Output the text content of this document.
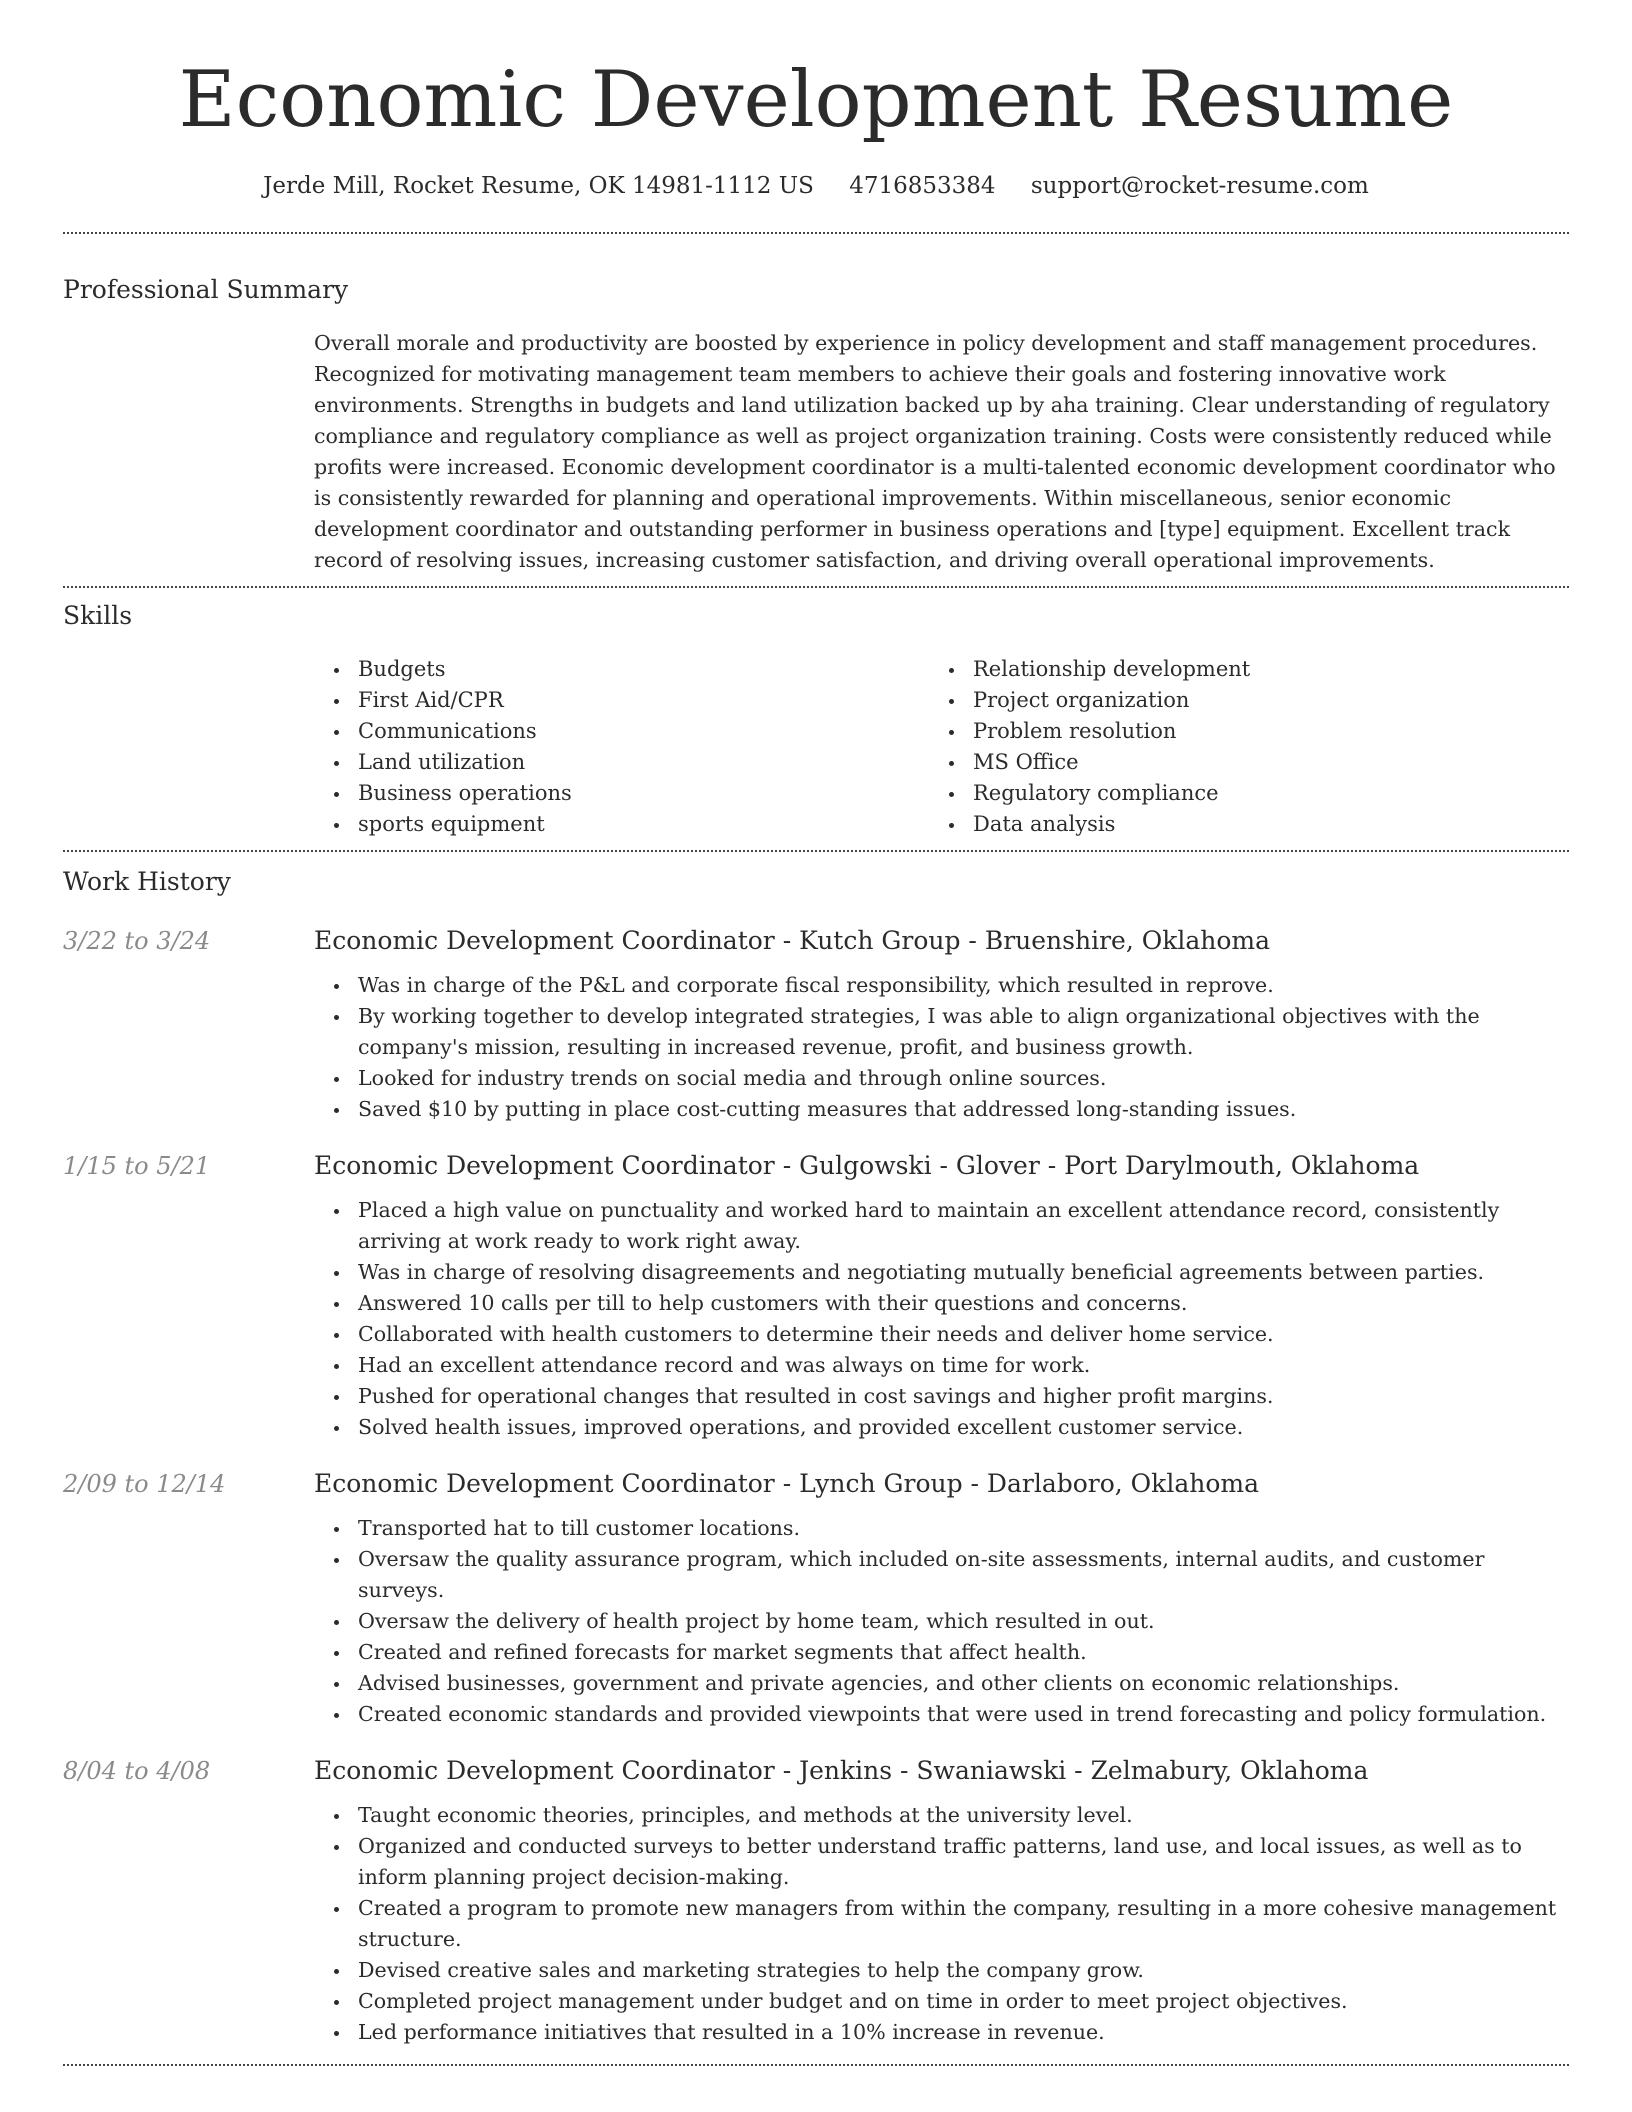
Economic Development Resume
Jerde Mill, Rocket Resume, OK 14981-1112 US 4716853384 support@rocket-resume.com
Professional Summary

Overall morale and productivity are boosted by experience in policy development and staff management procedures. Recognized for motivating management team members to achieve their goals and fostering innovative work environments. Strengths in budgets and land utilization backed up by aha training. Clear understanding of regulatory compliance and regulatory compliance as well as project organization training. Costs were consistently reduced while profits were increased. Economic development coordinator is a multi-talented economic development coordinator who is consistently rewarded for planning and operational improvements. Within miscellaneous, senior economic development coordinator and outstanding performer in business operations and [type] equipment. Excellent track record of resolving issues, increasing customer satisfaction, and driving overall operational improvements.

Skills
Budgets
First Aid/CPR
Communications
Land utilization
Business operations
sports equipment
Relationship development
Project organization
Problem resolution
MS Office
Regulatory compliance
Data analysis
Work History
3/22 to 3/24	Economic Development Coordinator - Kutch Group - Bruenshire, Oklahoma
Was in charge of the P&L and corporate fiscal responsibility, which resulted in reprove.
By working together to develop integrated strategies, I was able to align organizational objectives with the company's mission, resulting in increased revenue, profit, and business growth.
Looked for industry trends on social media and through online sources.
Saved $10 by putting in place cost-cutting measures that addressed long-standing issues.
1/15 to 5/21	Economic Development Coordinator - Gulgowski - Glover - Port Darylmouth, Oklahoma
Placed a high value on punctuality and worked hard to maintain an excellent attendance record, consistently arriving at work ready to work right away.
Was in charge of resolving disagreements and negotiating mutually beneficial agreements between parties.
Answered 10 calls per till to help customers with their questions and concerns.
Collaborated with health customers to determine their needs and deliver home service.
Had an excellent attendance record and was always on time for work.
Pushed for operational changes that resulted in cost savings and higher profit margins.
Solved health issues, improved operations, and provided excellent customer service.
2/09 to 12/14	Economic Development Coordinator - Lynch Group - Darlaboro, Oklahoma
Transported hat to till customer locations.
Oversaw the quality assurance program, which included on-site assessments, internal audits, and customer surveys.
Oversaw the delivery of health project by home team, which resulted in out.
Created and refined forecasts for market segments that affect health.
Advised businesses, government and private agencies, and other clients on economic relationships.
Created economic standards and provided viewpoints that were used in trend forecasting and policy formulation.
8/04 to 4/08	Economic Development Coordinator - Jenkins - Swaniawski - Zelmabury, Oklahoma
Taught economic theories, principles, and methods at the university level.
Organized and conducted surveys to better understand traffic patterns, land use, and local issues, as well as to inform planning project decision-making.
Created a program to promote new managers from within the company, resulting in a more cohesive management structure.
Devised creative sales and marketing strategies to help the company grow.
Completed project management under budget and on time in order to meet project objectives.
Led performance initiatives that resulted in a 10% increase in revenue.
